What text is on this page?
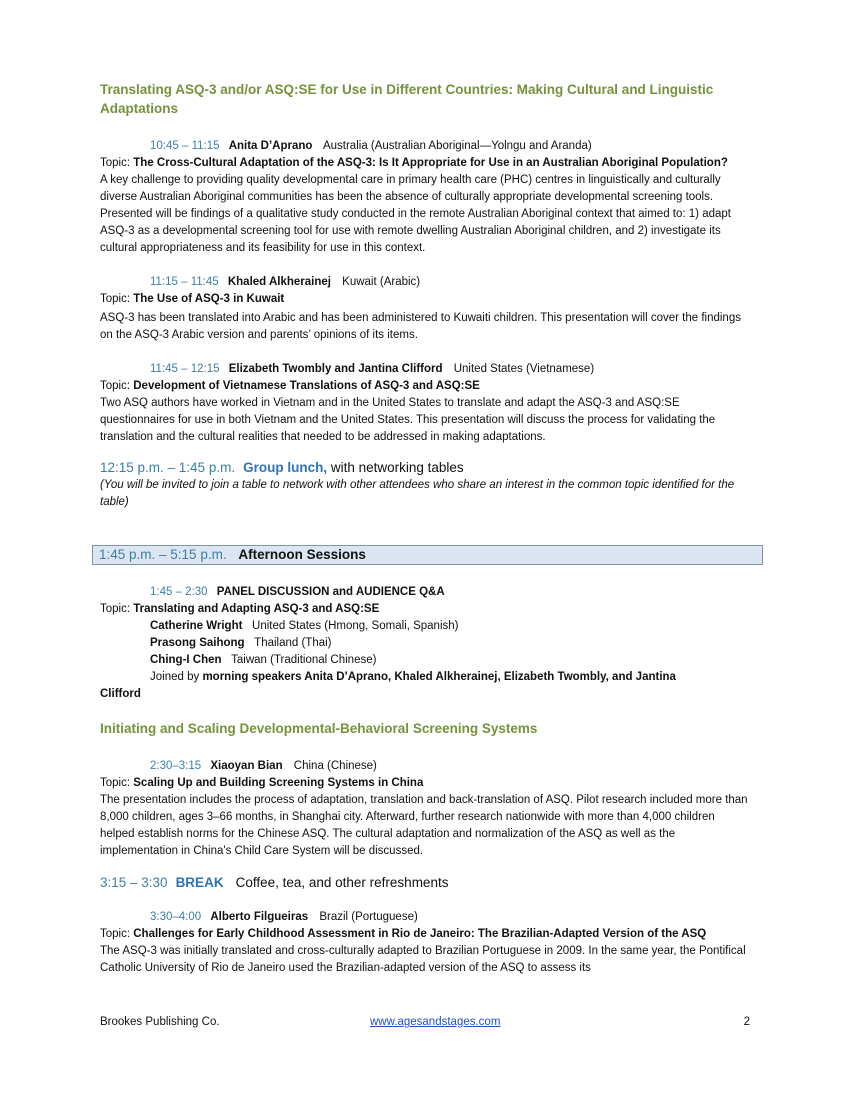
Translating ASQ-3 and/or ASQ:SE for Use in Different Countries: Making Cultural and Linguistic Adaptations
10:45 – 11:15 Anita D’Aprano Australia (Australian Aboriginal—Yolngu and Aranda)
Topic: The Cross-Cultural Adaptation of the ASQ-3: Is It Appropriate for Use in an Australian Aboriginal Population?
A key challenge to providing quality developmental care in primary health care (PHC) centres in linguistically and culturally diverse Australian Aboriginal communities has been the absence of culturally appropriate developmental screening tools. Presented will be findings of a qualitative study conducted in the remote Australian Aboriginal context that aimed to: 1) adapt ASQ-3 as a developmental screening tool for use with remote dwelling Australian Aboriginal children, and 2) investigate its cultural appropriateness and its feasibility for use in this context.
11:15 – 11:45 Khaled Alkherainej Kuwait (Arabic)
Topic: The Use of ASQ-3 in Kuwait
ASQ-3 has been translated into Arabic and has been administered to Kuwaiti children. This presentation will cover the findings on the ASQ-3 Arabic version and parents’ opinions of its items.
11:45 – 12:15 Elizabeth Twombly and Jantina Clifford United States (Vietnamese)
Topic: Development of Vietnamese Translations of ASQ-3 and ASQ:SE
Two ASQ authors have worked in Vietnam and in the United States to translate and adapt the ASQ-3 and ASQ:SE questionnaires for use in both Vietnam and the United States. This presentation will discuss the process for validating the translation and the cultural realities that needed to be addressed in making adaptations.
12:15 p.m. – 1:45 p.m. Group lunch, with networking tables
(You will be invited to join a table to network with other attendees who share an interest in the common topic identified for the table)
1:45 p.m. – 5:15 p.m. Afternoon Sessions
1:45 – 2:30 PANEL DISCUSSION and AUDIENCE Q&A
Topic: Translating and Adapting ASQ-3 and ASQ:SE
Catherine Wright United States (Hmong, Somali, Spanish)
Prasong Saihong Thailand (Thai)
Ching-I Chen Taiwan (Traditional Chinese)
Joined by morning speakers Anita D’Aprano, Khaled Alkherainej, Elizabeth Twombly, and Jantina
Clifford
Initiating and Scaling Developmental-Behavioral Screening Systems
2:30–3:15 Xiaoyan Bian China (Chinese)
Topic: Scaling Up and Building Screening Systems in China
The presentation includes the process of adaptation, translation and back-translation of ASQ. Pilot research included more than 8,000 children, ages 3–66 months, in Shanghai city. Afterward, further research nationwide with more than 4,000 children helped establish norms for the Chinese ASQ. The cultural adaptation and normalization of the ASQ as well as the implementation in China's Child Care System will be discussed.
3:15 – 3:30 BREAK Coffee, tea, and other refreshments
3:30–4:00 Alberto Filgueiras Brazil (Portuguese)
Topic: Challenges for Early Childhood Assessment in Rio de Janeiro: The Brazilian-Adapted Version of the ASQ
The ASQ-3 was initially translated and cross-culturally adapted to Brazilian Portuguese in 2009. In the same year, the Pontifical Catholic University of Rio de Janeiro used the Brazilian-adapted version of the ASQ to assess its
Brookes Publishing Co.	www.agesandstages.com	2
